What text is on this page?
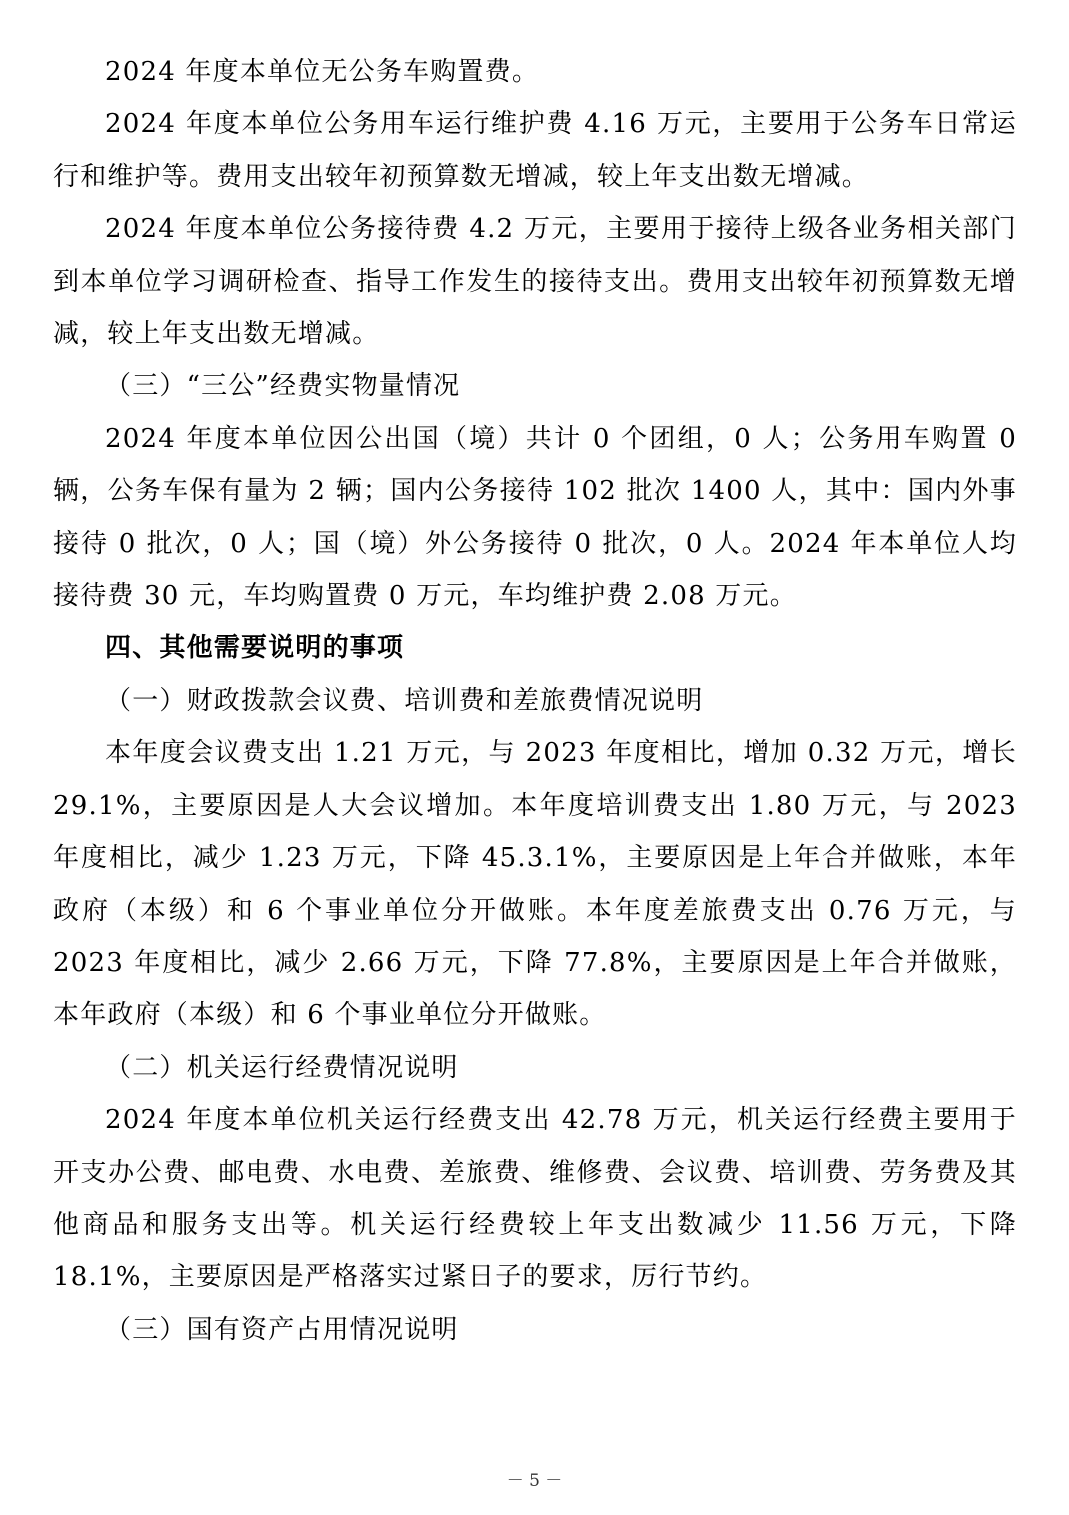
2024 年度本单位无公务车购置费。

2024 年度本单位公务用车运行维护费 4.16 万元，主要用于公务车日常运行和维护等。费用支出较年初预算数无增减，较上年支出数无增减。

2024 年度本单位公务接待费 4.2 万元，主要用于接待上级各业务相关部门到本单位学习调研检查、指导工作发生的接待支出。费用支出较年初预算数无增减，较上年支出数无增减。

（三）“三公”经费实物量情况

2024 年度本单位因公出国（境）共计 0 个团组，0 人；公务用车购置 0 辆，公务车保有量为 2 辆；国内公务接待 102 批次 1400 人，其中：国内外事接待 0 批次，0 人；国（境）外公务接待 0 批次，0 人。2024 年本单位人均接待费 30 元，车均购置费 0 万元，车均维护费 2.08 万元。

四、其他需要说明的事项

（一）财政拨款会议费、培训费和差旅费情况说明

本年度会议费支出 1.21 万元，与 2023 年度相比，增加 0.32 万元，增长 29.1%，主要原因是人大会议增加。本年度培训费支出 1.80 万元，与 2023 年度相比，减少 1.23 万元，下降 45.3.1%，主要原因是上年合并做账，本年政府（本级）和 6 个事业单位分开做账。本年度差旅费支出 0.76 万元，与 2023 年度相比，减少 2.66 万元，下降 77.8%，主要原因是上年合并做账，本年政府（本级）和 6 个事业单位分开做账。

（二）机关运行经费情况说明

2024 年度本单位机关运行经费支出 42.78 万元，机关运行经费主要用于开支办公费、邮电费、水电费、差旅费、维修费、会议费、培训费、劳务费及其他商品和服务支出等。机关运行经费较上年支出数减少 11.56 万元，下降 18.1%，主要原因是严格落实过紧日子的要求，厉行节约。

（三）国有资产占用情况说明

－ 5 －
